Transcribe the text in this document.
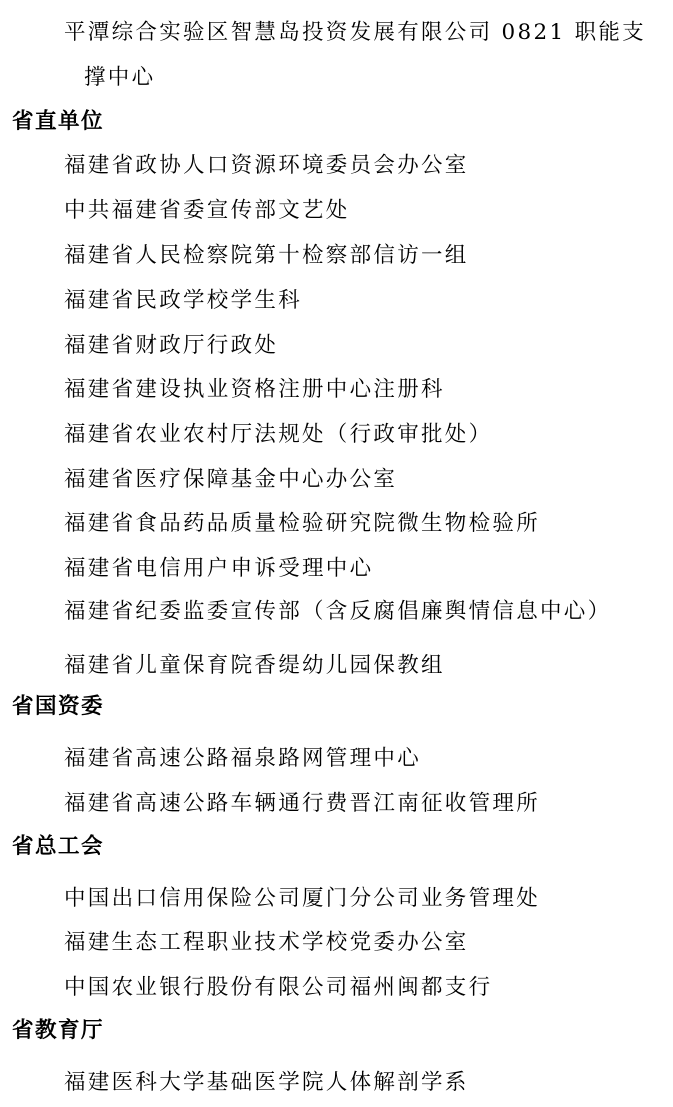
平潭综合实验区智慧岛投资发展有限公司 0821 职能支
撑中心
省直单位
福建省政协人口资源环境委员会办公室
中共福建省委宣传部文艺处
福建省人民检察院第十检察部信访一组
福建省民政学校学生科
福建省财政厅行政处
福建省建设执业资格注册中心注册科
福建省农业农村厅法规处（行政审批处）
福建省医疗保障基金中心办公室
福建省食品药品质量检验研究院微生物检验所
福建省电信用户申诉受理中心
福建省纪委监委宣传部（含反腐倡廉舆情信息中心）
福建省儿童保育院香缇幼儿园保教组
省国资委
福建省高速公路福泉路网管理中心
福建省高速公路车辆通行费晋江南征收管理所
省总工会
中国出口信用保险公司厦门分公司业务管理处
福建生态工程职业技术学校党委办公室
中国农业银行股份有限公司福州闽都支行
省教育厅
福建医科大学基础医学院人体解剖学系
